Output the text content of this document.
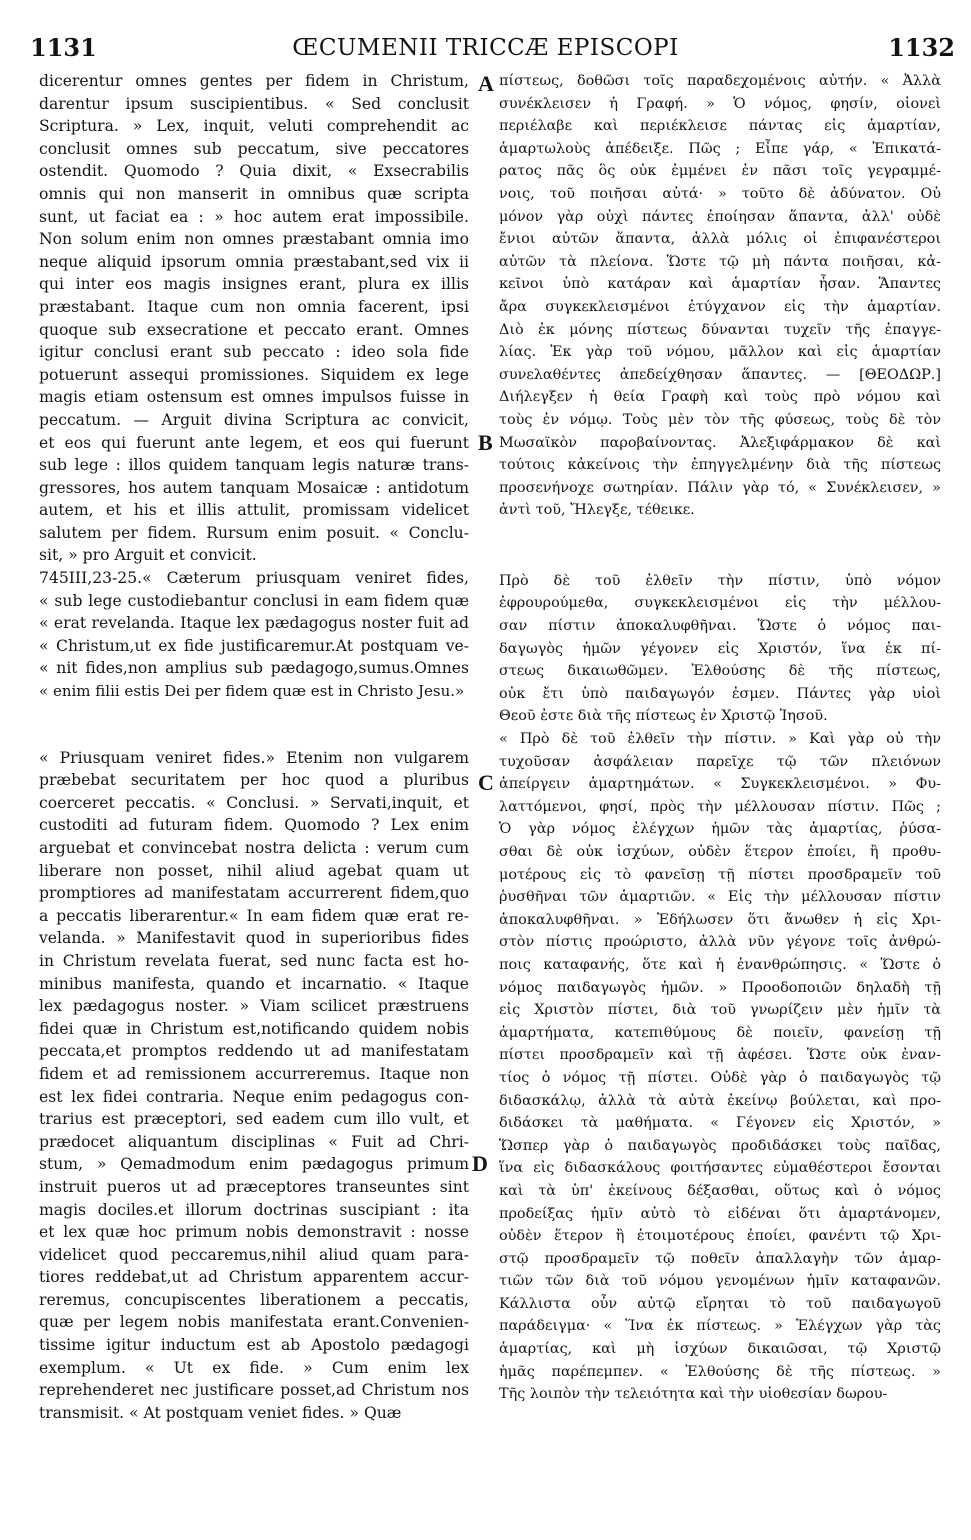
1131	ŒCUMENII TRICCÆ EPISCOPI	1132
dicerentur omnes gentes per fidem in Christum,
darentur ipsum suscipientibus. « Sed conclusit
Scriptura. » Lex, inquit, veluti comprehendit ac
conclusit omnes sub peccatum, sive peccatores
ostendit. Quomodo ? Quia dixit, « Exsecrabilis
omnis qui non manserit in omnibus quæ scripta
sunt, ut faciat ea : » hoc autem erat impossibile.
Non solum enim non omnes præstabant omnia imo
neque aliquid ipsorum omnia præstabant,sed vix ii
qui inter eos magis insignes erant, plura ex illis
præstabant. Itaque cum non omnia facerent, ipsi
quoque sub exsecratione et peccato erant. Omnes
igitur conclusi erant sub peccato : ideo sola fide
potuerunt assequi promissiones. Siquidem ex lege
magis etiam ostensum est omnes impulsos fuisse in
peccatum. — Arguit divina Scriptura ac convicit,
et eos qui fuerunt ante legem, et eos qui fuerunt
sub lege : illos quidem tanquam legis naturæ trans-
gressores, hos autem tanquam Mosaicæ : antidotum
autem, et his et illis attulit, promissam videlicet
salutem per fidem. Rursum enim posuit. « Conclu-
sit, » pro Arguit et convicit.
745III,23-25.« Cæterum priusquam veniret fides,
« sub lege custodiebantur conclusi in eam fidem quæ
« erat revelanda. Itaque lex pædagogus noster fuit ad
« Christum,ut ex fide justificaremur.At postquam ve-
« nit fides,non amplius sub pædagogo,sumus.Omnes
« enim filii estis Dei per fidem quæ est in Christo Jesu.»
« Priusquam veniret fides.» Etenim non vulgarem
præbebat securitatem per hoc quod a pluribus
coerceret peccatis. « Conclusi. » Servati,inquit, et
custoditi ad futuram fidem. Quomodo ? Lex enim
arguebat et convincebat nostra delicta : verum cum
liberare non posset, nihil aliud agebat quam ut
promptiores ad manifestatam accurrerent fidem,quo
a peccatis liberarentur.« In eam fidem quæ erat re-
velanda. » Manifestavit quod in superioribus fides
in Christum revelata fuerat, sed nunc facta est ho-
minibus manifesta, quando et incarnatio. « Itaque
lex pædagogus noster. » Viam scilicet præstruens
fidei quæ in Christum est,notificando quidem nobis
peccata,et promptos reddendo ut ad manifestatam
fidem et ad remissionem accurreremus. Itaque non
est lex fidei contraria. Neque enim pedagogus con-
trarius est præceptori, sed eadem cum illo vult, et
prædocet aliquantum disciplinas « Fuit ad Chri-
stum, » Qemadmodum enim pædagogus primum
instruit pueros ut ad præceptores transeuntes sint
magis dociles.et illorum doctrinas suscipiant : ita
et lex quæ hoc primum nobis demonstravit : nosse
videlicet quod peccaremus,nihil aliud quam para-
tiores reddebat,ut ad Christum apparentem accur-
reremus, concupiscentes liberationem a peccatis,
quæ per legem nobis manifestata erant.Convenien-
tissime igitur inductum est ab Apostolo pædagogi
exemplum. « Ut ex fide. » Cum enim lex
reprehenderet nec justificare posset,ad Christum nos
transmisit. « At postquam veniet fides. » Quæ
πίστεως, δοθῶσι τοῖς παραδεχομένοις αὐτήν. « Ἀλλὰ
συνέκλεισεν ἡ Γραφή. » Ὁ νόμος, φησίν, οἱονεὶ
περιέλαβε καὶ περιέκλεισε πάντας εἰς ἁμαρτίαν,
ἁμαρτωλοὺς ἀπέδειξε. Πῶς ; Εἶπε γάρ, « Ἐπικατά-
ρατος πᾶς ὃς οὐκ ἐμμένει ἐν πᾶσι τοῖς γεγραμμέ-
νοις, τοῦ ποιῆσαι αὐτά· » τοῦτο δὲ ἀδύνατον. Οὐ
μόνον γὰρ οὐχὶ πάντες ἐποίησαν ἅπαντα, ἀλλ' οὐδὲ
ἔνιοι αὐτῶν ἅπαντα, ἀλλὰ μόλις οἱ ἐπιφανέστεροι
αὐτῶν τὰ πλείονα. Ὥστε τῷ μὴ πάντα ποιῆσαι, κἀ-
κεῖνοι ὑπὸ κατάραν καὶ ἁμαρτίαν ἦσαν. Ἅπαντες
ἄρα συγκεκλεισμένοι ἐτύγχανον εἰς τὴν ἁμαρτίαν.
Διὸ ἐκ μόνης πίστεως δύνανται τυχεῖν τῆς ἐπαγγε-
λίας. Ἐκ γὰρ τοῦ νόμου, μᾶλλον καὶ εἰς ἁμαρτίαν
συνελαθέντες ἀπεδείχθησαν ἅπαντες. — [ΘΕΟΔΩΡ.]
Διήλεγξεν ἡ θεία Γραφὴ καὶ τοὺς πρὸ νόμου καὶ
τοὺς ἐν νόμῳ. Τοὺς μὲν τὸν τῆς φύσεως, τοὺς δὲ τὸν
Μωσαϊκὸν παροβαίνοντας. Ἀλεξιφάρμακον δὲ καὶ
τούτοις κἀκείνοις τὴν ἐπηγγελμένην διὰ τῆς πίστεως
προσενήνοχε σωτηρίαν. Πάλιν γὰρ τό, « Συνέκλεισεν, »
ἀντὶ τοῦ, Ἤλεγξε, τέθεικε.
Πρὸ δὲ τοῦ ἐλθεῖν τὴν πίστιν, ὑπὸ νόμον
ἐφρουρούμεθα, συγκεκλεισμένοι εἰς τὴν μέλλου-
σαν πίστιν ἀποκαλυφθῆναι. Ὥστε ὁ νόμος παι-
δαγωγὸς ἡμῶν γέγονεν εἰς Χριστόν, ἵνα ἐκ πί-
στεως δικαιωθῶμεν. Ἐλθούσης δὲ τῆς πίστεως,
οὐκ ἔτι ὑπὸ παιδαγωγόν ἐσμεν. Πάντες γὰρ υἱοὶ
Θεοῦ ἐστε διὰ τῆς πίστεως ἐν Χριστῷ Ἰησοῦ.
« Πρὸ δὲ τοῦ ἐλθεῖν τὴν πίστιν. » Καὶ γὰρ οὐ τὴν
τυχοῦσαν ἀσφάλειαν παρεῖχε τῷ τῶν πλειόνων
ἀπείργειν ἁμαρτημάτων. « Συγκεκλεισμένοι. » Φυ-
λαττόμενοι, φησί, πρὸς τὴν μέλλουσαν πίστιν. Πῶς ;
Ὁ γὰρ νόμος ἐλέγχων ἡμῶν τὰς ἁμαρτίας, ῥύσα-
σθαι δὲ οὐκ ἰσχύων, οὐδὲν ἕτερον ἐποίει, ἢ προθυ-
μοτέρους εἰς τὸ φανεῖσῃ τῇ πίστει προσδραμεῖν τοῦ
ῥυσθῆναι τῶν ἁμαρτιῶν. « Εἰς τὴν μέλλουσαν πίστιν
ἀποκαλυφθῆναι. » Ἐδήλωσεν ὅτι ἄνωθεν ἡ εἰς Χρι-
στὸν πίστις προώριστο, ἀλλὰ νῦν γέγονε τοῖς ἀνθρώ-
ποις καταφανής, ὅτε καὶ ἡ ἐνανθρώπησις. « Ὥστε ὁ
νόμος παιδαγωγὸς ἡμῶν. » Προοδοποιῶν δηλαδὴ τῇ
εἰς Χριστὸν πίστει, διὰ τοῦ γνωρίζειν μὲν ἡμῖν τὰ
ἁμαρτήματα, κατεπιθύμους δὲ ποιεῖν, φανείσῃ τῇ
πίστει προσδραμεῖν καὶ τῇ ἀφέσει. Ὥστε οὐκ ἐναν-
τίος ὁ νόμος τῇ πίστει. Οὐδὲ γὰρ ὁ παιδαγωγὸς τῷ
διδασκάλῳ, ἀλλὰ τὰ αὐτὰ ἐκείνῳ βούλεται, καὶ προ-
διδάσκει τὰ μαθήματα. « Γέγονεν εἰς Χριστόν, »
Ὥσπερ γὰρ ὁ παιδαγωγὸς προδιδάσκει τοὺς παῖδας,
ἵνα εἰς διδασκάλους φοιτήσαντες εὐμαθέστεροι ἔσονται
καὶ τὰ ὑπ' ἐκείνους δέξασθαι, οὕτως καὶ ὁ νόμος
προδείξας ἡμῖν αὐτὸ τὸ εἰδέναι ὅτι ἁμαρτάνομεν,
οὐδὲν ἕτερον ἢ ἑτοιμοτέρους ἐποίει, φανέντι τῷ Χρι-
στῷ προσδραμεῖν τῷ ποθεῖν ἀπαλλαγὴν τῶν ἁμαρ-
τιῶν τῶν διὰ τοῦ νόμου γενομένων ἡμῖν καταφανῶν.
Κάλλιστα οὖν αὐτῷ εἴρηται τὸ τοῦ παιδαγωγοῦ
παράδειγμα· « Ἵνα ἐκ πίστεως. » Ἐλέγχων γὰρ τὰς
ἁμαρτίας, καὶ μὴ ἰσχύων δικαιῶσαι, τῷ Χριστῷ
ἡμᾶς παρέπεμπεν. « Ἐλθούσης δὲ τῆς πίστεως. »
Τῆς λοιπὸν τὴν τελειότητα καὶ τὴν υἱοθεσίαν δωρου-
A
B
C
D
